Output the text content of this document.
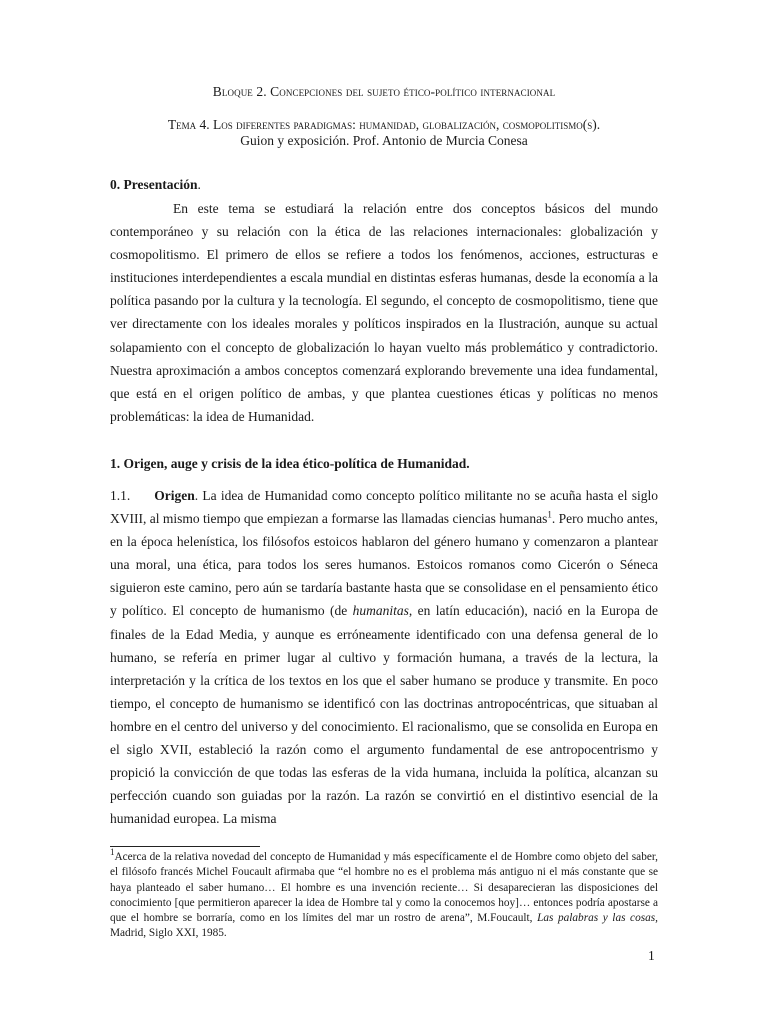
Bloque 2. Concepciones del sujeto ético-político internacional
Tema 4. Los diferentes paradigmas: humanidad, globalización, cosmopolitismo(s).
Guion y exposición. Prof. Antonio de Murcia Conesa
0. Presentación.

En este tema se estudiará la relación entre dos conceptos básicos del mundo contemporáneo y su relación con la ética de las relaciones internacionales: globalización y cosmopolitismo. El primero de ellos se refiere a todos los fenómenos, acciones, estructuras e instituciones interdependientes a escala mundial en distintas esferas humanas, desde la economía a la política pasando por la cultura y la tecnología. El segundo, el concepto de cosmopolitismo, tiene que ver directamente con los ideales morales y políticos inspirados en la Ilustración, aunque su actual solapamiento con el concepto de globalización lo hayan vuelto más problemático y contradictorio. Nuestra aproximación a ambos conceptos comenzará explorando brevemente una idea fundamental, que está en el origen político de ambas, y que plantea cuestiones éticas y políticas no menos problemáticas: la idea de Humanidad.

1. Origen, auge y crisis de la idea ético-política de Humanidad.

1.1. Origen. La idea de Humanidad como concepto político militante no se acuña hasta el siglo XVIII, al mismo tiempo que empiezan a formarse las llamadas ciencias humanas$^1$. Pero mucho antes, en la época helenística, los filósofos estoicos hablaron del género humano y comenzaron a plantear una moral, una ética, para todos los seres humanos. Estoicos romanos como Cicerón o Séneca siguieron este camino, pero aún se tardaría bastante hasta que se consolidase en el pensamiento ético y político. El concepto de humanismo (de humanitas, en latín educación), nació en la Europa de finales de la Edad Media, y aunque es erróneamente identificado con una defensa general de lo humano, se refería en primer lugar al cultivo y formación humana, a través de la lectura, la interpretación y la crítica de los textos en los que el saber humano se produce y transmite. En poco tiempo, el concepto de humanismo se identificó con las doctrinas antropocéntricas, que situaban al hombre en el centro del universo y del conocimiento. El racionalismo, que se consolida en Europa en el siglo XVII, estableció la razón como el argumento fundamental de ese antropocentrismo y propició la convicción de que todas las esferas de la vida humana, incluida la política, alcanzan su perfección cuando son guiadas por la razón. La razón se convirtió en el distintivo esencial de la humanidad europea. La misma

$^1$Acerca de la relativa novedad del concepto de Humanidad y más específicamente el de Hombre como objeto del saber, el filósofo francés Michel Foucault afirmaba que “el hombre no es el problema más antiguo ni el más constante que se haya planteado el saber humano… El hombre es una invención reciente… Si desaparecieran las disposiciones del conocimiento [que permitieron aparecer la idea de Hombre tal y como la conocemos hoy]… entonces podría apostarse a que el hombre se borraría, como en los límites del mar un rostro de arena”, M.Foucault, Las palabras y las cosas, Madrid, Siglo XXI, 1985.
1
